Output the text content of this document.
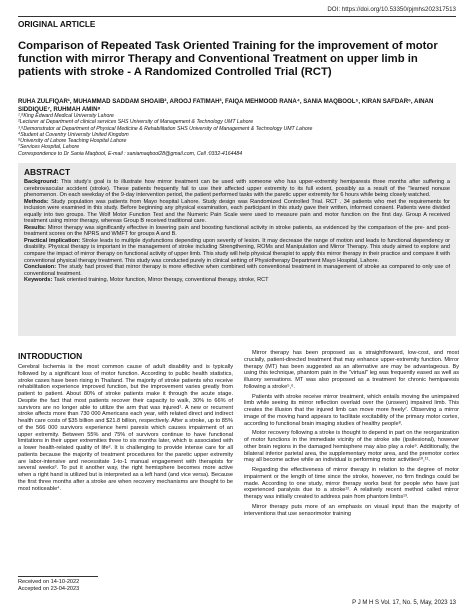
DOI: https://doi.org/10.53350/pjmhs202317513
ORIGINAL ARTICLE
Comparison of Repeated Task Oriented Training for the improvement of motor function with mirror Therapy and Conventional Treatment on upper limb in patients with stroke - A Randomized Controlled Trial (RCT)
RUHA ZULFIQAR¹, MUHAMMAD SADDAM SHOAIB², AROOJ FATIMAH³, FAIQA MEHMOOD RANA⁴, SANIA MAQBOOL⁵, KIRAN SAFDAR⁶, AINAN SIDDIQUE⁷, RUHMAH AMIN⁸
¹,⁸King Edward Medical University Lahore
²Lecturer at Department of clinical services SHS University of Management & Technology UMT Lahore
³,⁶Demonstrator at Department of Physical Medicine & Rehabilitation SHS University of Management & Technology UMT Lahore
⁴Student at Coventry University United Kingdom
⁵University of Lahore Teaching Hospital Lahore
⁷Services Hospital, Lahore
Correspondence to Dr Sania Maqbool, E-mail : saniamaqbool28@gmail.com, Cell :0332-4164484
ABSTRACT

Background: This study's goal is to illustrate how mirror treatment can be used with someone who has upper-extremity hemiparesis three months after suffering a cerebrovascular accident (stroke). These patients frequently fail to use their affected upper extremity to its full extent, possibly as a result of the "learned nonuse phenomenon. On each weekday of the 9-day intervention period, the patient performed tasks with the paretic upper extremity for 6 hours while being closely watched.

Methods: Study population was patients from Mayo hospital Lahore. Study design was Randomized Controlled Trial. RCT . 34 patients who met the requirements for inclusion were examined in this study. Before beginning any physical examination, each participant in this study gave their written, informed consent. Patients were divided equally into two groups. The Wolf Motor Function Test and the Numeric Pain Scale were used to measure pain and motor function on the first day. Group A received treatment using mirror therapy, whereas Group B received traditional care.

Results: Mirror therapy was significantly effective in lowering pain and boosting functional activity in stroke patients, as evidenced by the comparison of the pre- and post-treatment scores on the NPRS and WMFT for groups A and B.

Practical implication: Stroke leads to multiple dysfunctions depending upon severity of lesion. It may decrease the range of motion and leads to functional dependency or disability. Physical therapy is important in the management of stroke including Strengthening, ROMs and Manipulation and Mirror Therapy. This study aimed to explore and compare the impact of mirror therapy on functional activity of upper limb. This study will help physical therapist to apply this mirror therapy in their practice and compare it with conventional physical therapy treatment. This study was conducted purely in clinical setting of Physiotherapy Department Mayo Hospital, Lahore.

Conclusion: The study had proved that mirror therapy is more effective when combined with conventional treatment in management of stroke as compared to only use of conventional treatment.

Keywords: Task oriented training, Motor function, Mirror therapy, conventional therapy, stroke, RCT

INTRODUCTION

Cerebral Ischemia is the most common cause of adult disability and is typically followed by a significant loss of motor function. According to public health statistics, stroke cases have been rising in Thailand. The majority of stroke patients who receive rehabilitation experience improved function, but the improvement varies greatly from patient to patient. About 80% of stroke patients make it through the acute stage. Despite the fact that most patients recover their capacity to walk, 30% to 66% of survivors are no longer able to utilize the arm that was injured¹. A new or recurrent stroke affects more than 730 000 Americans each year, with related direct and indirect health care costs of $35 billion and $21.8 billion, respectively. After a stroke, up to 85% of the 566 000 survivors experience hemi paresis which causes impairment of an upper extremity. Between 55% and 75% of survivors continue to have functional limitations in their upper extremities three to six months later, which is associated with a lower health-related quality of life². It is challenging to provide intense care for all patients because the majority of treatment procedures for the paretic upper extremity are labor-intensive and necessitate 1-to-1 manual engagement with therapists for several weeks³. To put it another way, the right hemisphere becomes more active when a right hand is utilized but is interpreted as a left hand (and vice versa). Because the first three months after a stroke are when recovery mechanisms are thought to be most noticeable⁴.

Mirror therapy has been proposed as a straightforward, low-cost, and most crucially, patient-directed treatment that may enhance upper-extremity function. Mirror therapy (MT) has been suggested as an alternative are may be advantageous. By using this technique, phantom pain in the "virtual" leg was frequently eased as well as illusory sensations. MT was also proposed as a treatment for chronic hemiparesis following a stroke⁵,⁶.

Patients with stroke receive mirror treatment, which entails moving the unimpaired limb while seeing its mirror reflection overlaid over the (unseen) impaired limb. This creates the illusion that the injured limb can move more freely⁷. Observing a mirror image of the moving hand appears to facilitate excitability of the primary motor cortex, according to functional brain imaging studies of healthy people⁸.

Motor recovery following a stroke is thought to depend in part on the reorganization of motor functions in the immediate vicinity of the stroke site (ipsilesional), however other brain regions in the damaged hemisphere may also play a role⁹. Additionally, the bilateral inferior parietal area, the supplementary motor area, and the premotor cortex may all become active while an individual is performing motor activities¹⁰,¹¹.

Regarding the effectiveness of mirror therapy in relation to the degree of motor impairment or the length of time since the stroke, however, no firm findings could be made. According to one study, mirror therapy works best for people who have just experienced paralysis due to a stroke¹². A relatively recent method called mirror therapy was initially created to address pain from phantom limbs¹³.

Mirror therapy puts more of an emphasis on visual input than the majority of interventions that use sensorimotor training

Received on 14-10-2022
Accepted on 23-04-2023
P J M H S Vol. 17, No. 5, May, 2023 13
